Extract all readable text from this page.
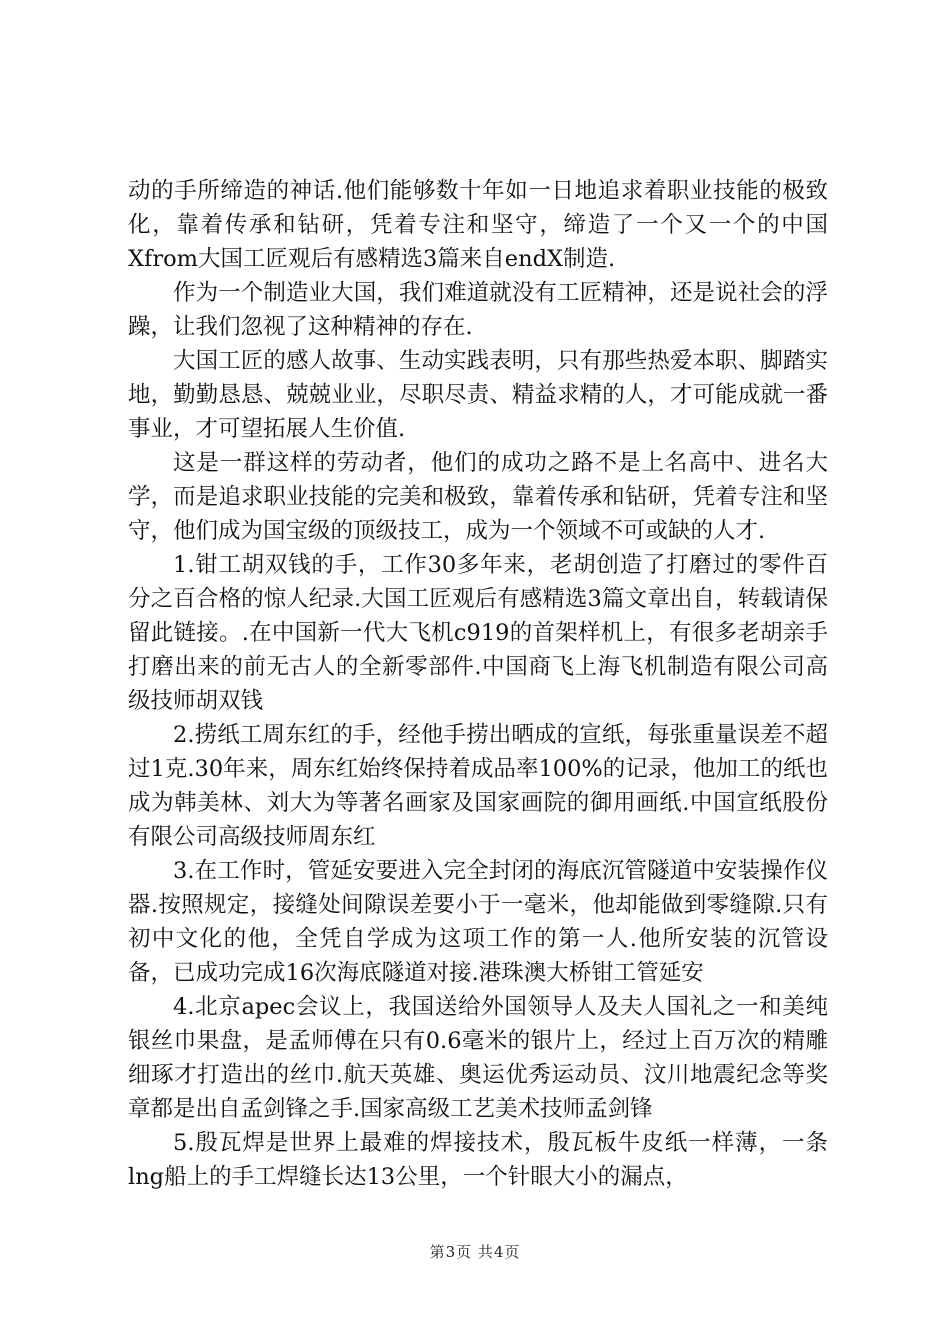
动的手所缔造的神话.他们能够数十年如一日地追求着职业技能的极致化，靠着传承和钻研，凭着专注和坚守，缔造了一个又一个的中国Xfrom大国工匠观后有感精选3篇来自endX制造.

作为一个制造业大国，我们难道就没有工匠精神，还是说社会的浮躁，让我们忽视了这种精神的存在.

大国工匠的感人故事、生动实践表明，只有那些热爱本职、脚踏实地，勤勤恳恳、兢兢业业，尽职尽责、精益求精的人，才可能成就一番事业，才可望拓展人生价值.

这是一群这样的劳动者，他们的成功之路不是上名高中、进名大学，而是追求职业技能的完美和极致，靠着传承和钻研，凭着专注和坚守，他们成为国宝级的顶级技工，成为一个领域不可或缺的人才.

1.钳工胡双钱的手，工作30多年来，老胡创造了打磨过的零件百分之百合格的惊人纪录.大国工匠观后有感精选3篇文章出自，转载请保留此链接。.在中国新一代大飞机c919的首架样机上，有很多老胡亲手打磨出来的前无古人的全新零部件.中国商飞上海飞机制造有限公司高级技师胡双钱

2.捞纸工周东红的手，经他手捞出晒成的宣纸，每张重量误差不超过1克.30年来，周东红始终保持着成品率100%的记录，他加工的纸也成为韩美林、刘大为等著名画家及国家画院的御用画纸.中国宣纸股份有限公司高级技师周东红

3.在工作时，管延安要进入完全封闭的海底沉管隧道中安装操作仪器.按照规定，接缝处间隙误差要小于一毫米，他却能做到零缝隙.只有初中文化的他，全凭自学成为这项工作的第一人.他所安装的沉管设备，已成功完成16次海底隧道对接.港珠澳大桥钳工管延安

4.北京apec会议上，我国送给外国领导人及夫人国礼之一和美纯银丝巾果盘，是孟师傅在只有0.6毫米的银片上，经过上百万次的精雕细琢才打造出的丝巾.航天英雄、奥运优秀运动员、汶川地震纪念等奖章都是出自孟剑锋之手.国家高级工艺美术技师孟剑锋

5.殷瓦焊是世界上最难的焊接技术，殷瓦板牛皮纸一样薄，一条lng船上的手工焊缝长达13公里，一个针眼大小的漏点，

第3页 共4页
